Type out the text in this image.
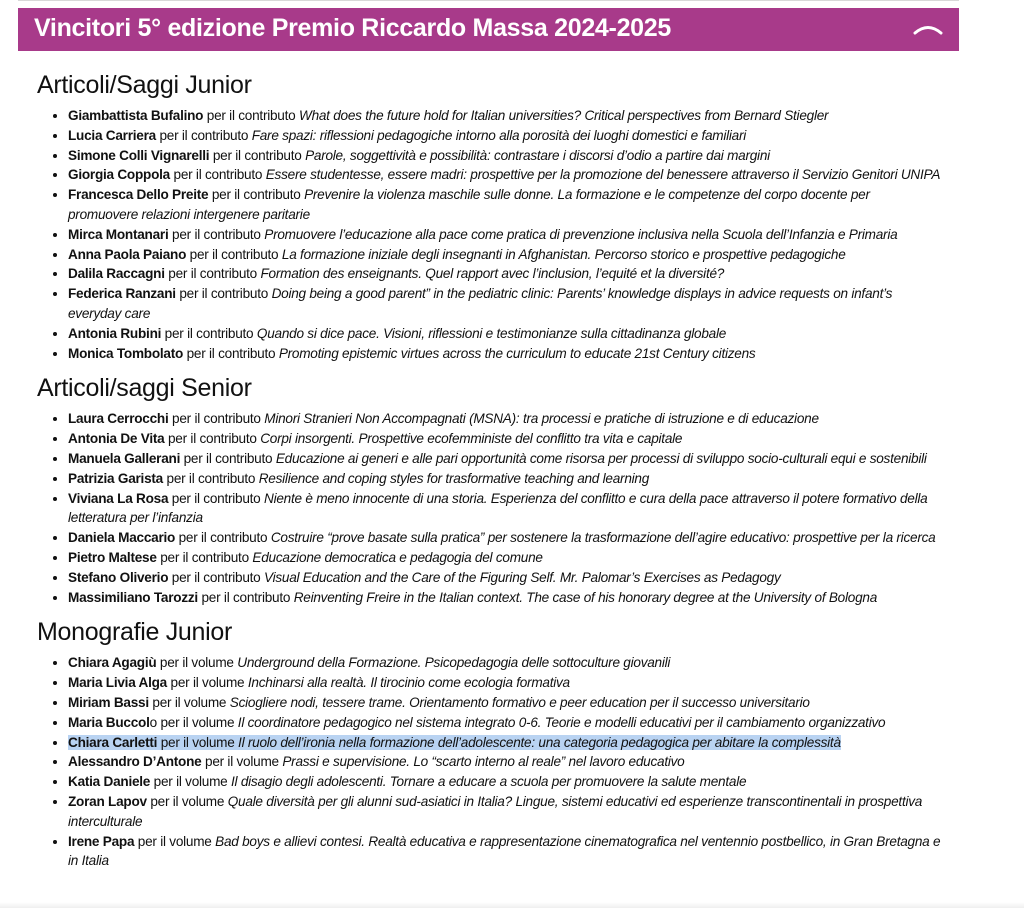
Vincitori 5° edizione Premio Riccardo Massa 2024-2025
Articoli/Saggi Junior
• Giambattista Bufalino per il contributo What does the future hold for Italian universities? Critical perspectives from Bernard Stiegler
• Lucia Carriera per il contributo Fare spazi: riflessioni pedagogiche intorno alla porosità dei luoghi domestici e familiari
• Simone Colli Vignarelli per il contributo Parole, soggettività e possibilità: contrastare i discorsi d’odio a partire dai margini
• Giorgia Coppola per il contributo Essere studentesse, essere madri: prospettive per la promozione del benessere attraverso il Servizio Genitori UNIPA
• Francesca Dello Preite per il contributo Prevenire la violenza maschile sulle donne. La formazione e le competenze del corpo docente per promuovere relazioni intergenere paritarie
• Mirca Montanari per il contributo Promuovere l’educazione alla pace come pratica di prevenzione inclusiva nella Scuola dell’Infanzia e Primaria
• Anna Paola Paiano per il contributo La formazione iniziale degli insegnanti in Afghanistan. Percorso storico e prospettive pedagogiche
• Dalila Raccagni per il contributo Formation des enseignants. Quel rapport avec l’inclusion, l’equité et la diversité?
• Federica Ranzani per il contributo Doing being a good parent” in the pediatric clinic: Parents’ knowledge displays in advice requests on infant’s everyday care
• Antonia Rubini per il contributo Quando si dice pace. Visioni, riflessioni e testimonianze sulla cittadinanza globale
• Monica Tombolato per il contributo Promoting epistemic virtues across the curriculum to educate 21st Century citizens
Articoli/saggi Senior
• Laura Cerrocchi per il contributo Minori Stranieri Non Accompagnati (MSNA): tra processi e pratiche di istruzione e di educazione
• Antonia De Vita per il contributo Corpi insorgenti. Prospettive ecofemministe del conflitto tra vita e capitale
• Manuela Gallerani per il contributo Educazione ai generi e alle pari opportunità come risorsa per processi di sviluppo socio-culturali equi e sostenibili
• Patrizia Garista per il contributo Resilience and coping styles for trasformative teaching and learning
• Viviana La Rosa per il contributo Niente è meno innocente di una storia. Esperienza del conflitto e cura della pace attraverso il potere formativo della letteratura per l’infanzia
• Daniela Maccario per il contributo Costruire “prove basate sulla pratica” per sostenere la trasformazione dell’agire educativo: prospettive per la ricerca
• Pietro Maltese per il contributo Educazione democratica e pedagogia del comune
• Stefano Oliverio per il contributo Visual Education and the Care of the Figuring Self. Mr. Palomar’s Exercises as Pedagogy
• Massimiliano Tarozzi per il contributo Reinventing Freire in the Italian context. The case of his honorary degree at the University of Bologna
Monografie Junior
• Chiara Agagiù per il volume Underground della Formazione. Psicopedagogia delle sottoculture giovanili
• Maria Livia Alga per il volume Inchinarsi alla realtà. Il tirocinio come ecologia formativa
• Miriam Bassi per il volume Sciogliere nodi, tessere trame. Orientamento formativo e peer education per il successo universitario
• Maria Buccolo per il volume Il coordinatore pedagogico nel sistema integrato 0-6. Teorie e modelli educativi per il cambiamento organizzativo
• Chiara Carletti per il volume Il ruolo dell’ironia nella formazione dell’adolescente: una categoria pedagogica per abitare la complessità
• Alessandro D’Antone per il volume Prassi e supervisione. Lo “scarto interno al reale” nel lavoro educativo
• Katia Daniele per il volume Il disagio degli adolescenti. Tornare a educare a scuola per promuovere la salute mentale
• Zoran Lapov per il volume Quale diversità per gli alunni sud-asiatici in Italia? Lingue, sistemi educativi ed esperienze transcontinentali in prospettiva interculturale
• Irene Papa per il volume Bad boys e allievi contesi. Realtà educativa e rappresentazione cinematografica nel ventennio postbellico, in Gran Bretagna e in Italia
